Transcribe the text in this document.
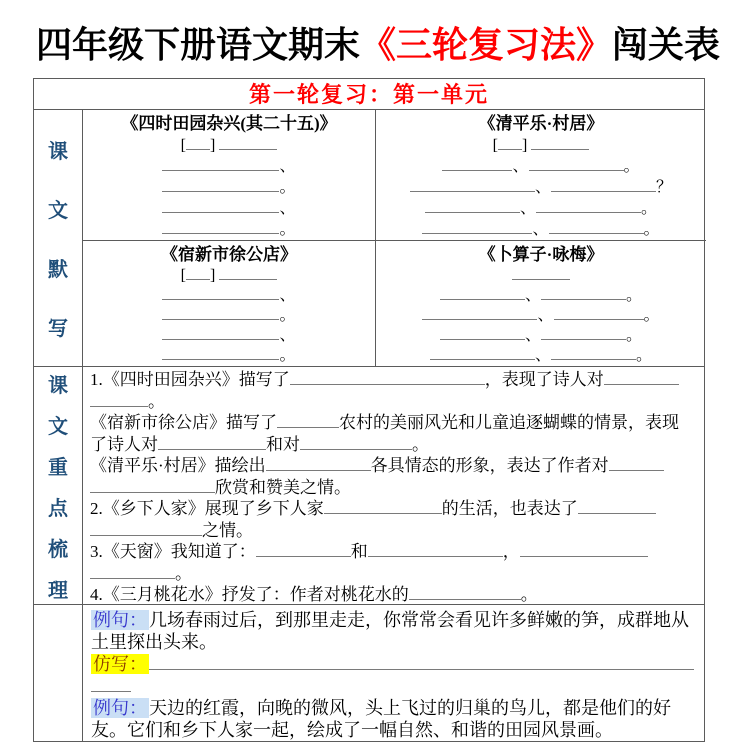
四年级下册语文期末《三轮复习法》闯关表
第一轮复习：第一单元
课
文
默
写
《四时田园杂兴(其二十五)》
[ ]
、
。
、
。
《清平乐·村居》
[ ]
、	。
、	？
、	。
、	。
《宿新市徐公店》
[ ]
、
。
、
。
《卜算子·咏梅》
、	。
、	。
、	。
、	。
课
文
重
点
梳
理
1.《四时田园杂兴》描写了	，表现了诗人对
。
《宿新市徐公店》描写了	农村的美丽风光和儿童追逐蝴蝶的情景，表现
了诗人对	和对	。
《清平乐·村居》描绘出	各具情态的形象，表达了作者对
欣赏和赞美之情。
2.《乡下人家》展现了乡下人家	的生活，也表达了
之情。
3.《天窗》我知道了：	和	，
。
4.《三月桃花水》抒发了：作者对桃花水的	。
例句： 几场春雨过后，到那里走走，你常常会看见许多鲜嫩的笋，成群地从土里探出头来。
仿写：
例句： 天边的红霞，向晚的微风，头上飞过的归巢的鸟儿，都是他们的好友。它们和乡下人家一起，绘成了一幅自然、和谐的田园风景画。
